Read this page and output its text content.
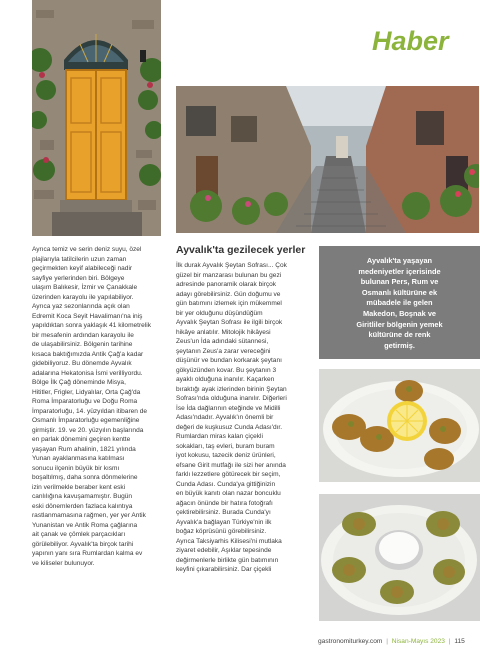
Haber

Ayrıca temiz ve serin deniz suyu, özel
plajlarıyla tatilcilerin uzun zaman
geçirmekten keyif alabileceği nadir
sayfiye yerlerinden biri. Bölgeye
ulaşım Balıkesir, İzmir ve Çanakkale
üzerinden karayolu ile yapılabiliyor.
Ayrıca yaz sezonlarında açık olan
Edremit Koca Seyit Havalimanı'na iniş
yapıldıktan sonra yaklaşık 41 kilometrelik
bir mesafenin ardından karayolu ile
de ulaşabilirsiniz. Bölgenin tarihine
kısaca baktığımızda Antik Çağ'a kadar
gidebiliyoruz. Bu dönemde Ayvalık
adalarına Hekatonisa İsmi verilliyordu.
Bölge İlk Çağ döneminde Misya,
Hititler, Frigler, Lidyalılar, Orta Çağ'da
Roma İmparatorluğu ve Doğu Roma
İmparatorluğu, 14. yüzyıldan itibaren de
Osmanlı İmparatorluğu egemenliğine
girmiştir. 19. ve 20. yüzyılın başlarında
en parlak dönemini geçiren kentte
yaşayan Rum ahalinin, 1821 yılında
Yunan ayaklanmasına katılması
sonucu ilçenin büyük bir kısmı
boşaltılmış, daha sonra dönmelerine
izin verilmekle beraber kent eski
canlılığına kavuşamamıştır. Bugün
eski dönemlerden fazlaca kalıntıya
rastlanmamasına rağmen, yer yer Antik
Yunanistan ve Antik Roma çağlarına
ait çanak ve çömlek parçacıkları
görülebiliyor. Ayvalık'ta birçok tarihi
yapının yanı sıra Rumlardan kalma ev
ve kiliseler bulunuyor.

Ayvalık'ta gezilecek yerler

İlk durak Ayvalık Şeytan Sofrası... Çok
güzel bir manzarası bulunan bu gezi
adresinde panoramik olarak birçok
adayı görebilirsiniz. Gün doğumu ve
gün batımını izlemek için mükemmel
bir yer olduğunu düşündüğüm
Ayvalık Şeytan Sofrası ile ilgili birçok
hikâye anlatılır. Mitolojik hikâyesi
Zeus'un İda adındaki sütannesi,
şeytanın Zeus'a zarar vereceğini
düşünür ve bundan korkarak şeytanı
gökyüzünden kovar. Bu şeytanın 3
ayaklı olduğuna inanılır. Kaçarken
bıraktığı ayak izlerinden birinin Şeytan
Sofrası'nda olduğuna inanılır. Diğerleri
İse İda dağlarının eteğinde ve Midilli
Adası'ndadır. Ayvalık'ın önemli bir
değeri de kuşkusuz Cunda Adası'dır.
Rumlardan miras kalan çiçekli
sokakları, taş evleri, buram buram
iyot kokusu, tazecik deniz ürünleri,
efsane Girit mutfağı ile sizi her anında
farklı lezzetlere götürecek bir seçim,
Cunda Adası. Cunda'ya gittiğinizin
en büyük kanıtı olan nazar boncuklu
ağacın önünde bir hatıra fotoğrafı
çektirebilirsiniz. Burada Cunda'yı
Ayvalık'a bağlayan Türkiye'nin ilk
boğaz köprüsünü görebilirsiniz.
Ayrıca Taksiyarhis Kilisesi'ni mutlaka
ziyaret edebilir, Aşıklar tepesinde
değirmenlerle birlikte gün batımının
keyfini çıkarabilirsiniz. Dar çiçekli

Ayvalık'ta yaşayan
medeniyetler içerisinde
bulunan Pers, Rum ve
Osmanlı kültürüne ek
mübadele ile gelen
Makedon, Boşnak ve
Giritliler bölgenin yemek
kültürüne de renk
getirmiş.
gastronomiturkey.com | Nisan-Mayıs 2023 | 115
